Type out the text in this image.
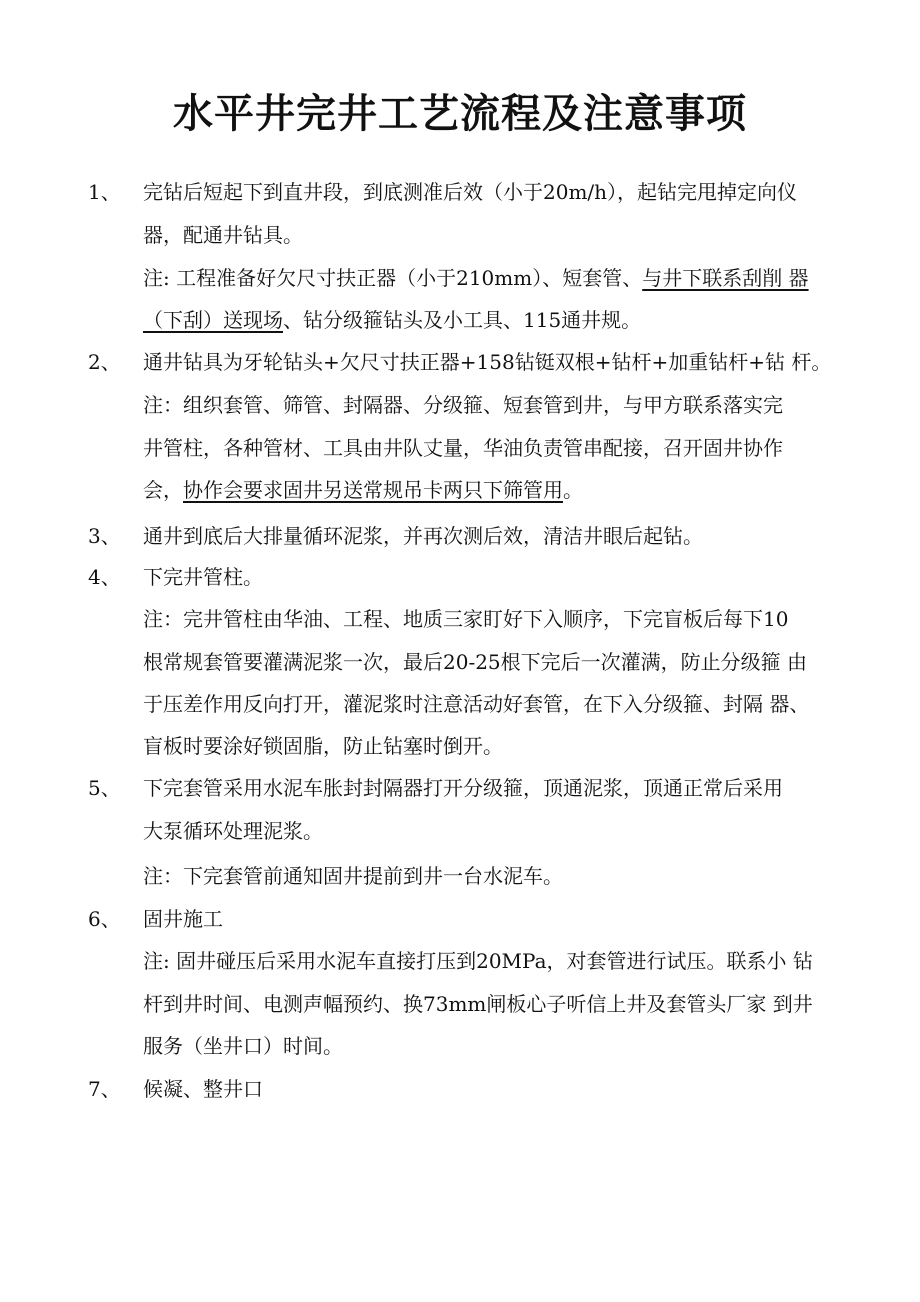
水平井完井工艺流程及注意事项
1、 完钻后短起下到直井段，到底测准后效（小于20m/h），起钻完甩掉定向仪
器，配通井钻具。
注: 工程准备好欠尺寸扶正器（小于210mm）、短套管、与井下联系刮削 器
（下刮）送现场、钻分级箍钻头及小工具、115通井规。
2、 通井钻具为牙轮钻头+欠尺寸扶正器+158钻铤双根+钻杆+加重钻杆+钻 杆。
注：组织套管、筛管、封隔器、分级箍、短套管到井，与甲方联系落实完
井管柱，各种管材、工具由井队丈量，华油负责管串配接，召开固井协作
会，协作会要求固井另送常规吊卡两只下筛管用。
3、 通井到底后大排量循环泥浆，并再次测后效，清洁井眼后起钻。
4、 下完井管柱。
注：完井管柱由华油、工程、地质三家盯好下入顺序，下完盲板后每下10
根常规套管要灌满泥浆一次，最后20-25根下完后一次灌满，防止分级箍 由
于压差作用反向打开，灌泥浆时注意活动好套管，在下入分级箍、封隔 器、
盲板时要涂好锁固脂，防止钻塞时倒开。
5、 下完套管采用水泥车胀封封隔器打开分级箍，顶通泥浆，顶通正常后采用
大泵循环处理泥浆。
注：下完套管前通知固井提前到井一台水泥车。
6、 固井施工
注: 固井碰压后采用水泥车直接打压到20MPa，对套管进行试压。联系小 钻
杆到井时间、电测声幅预约、换73mm闸板心子听信上井及套管头厂家 到井
服务（坐井口）时间。
7、 候凝、整井口
